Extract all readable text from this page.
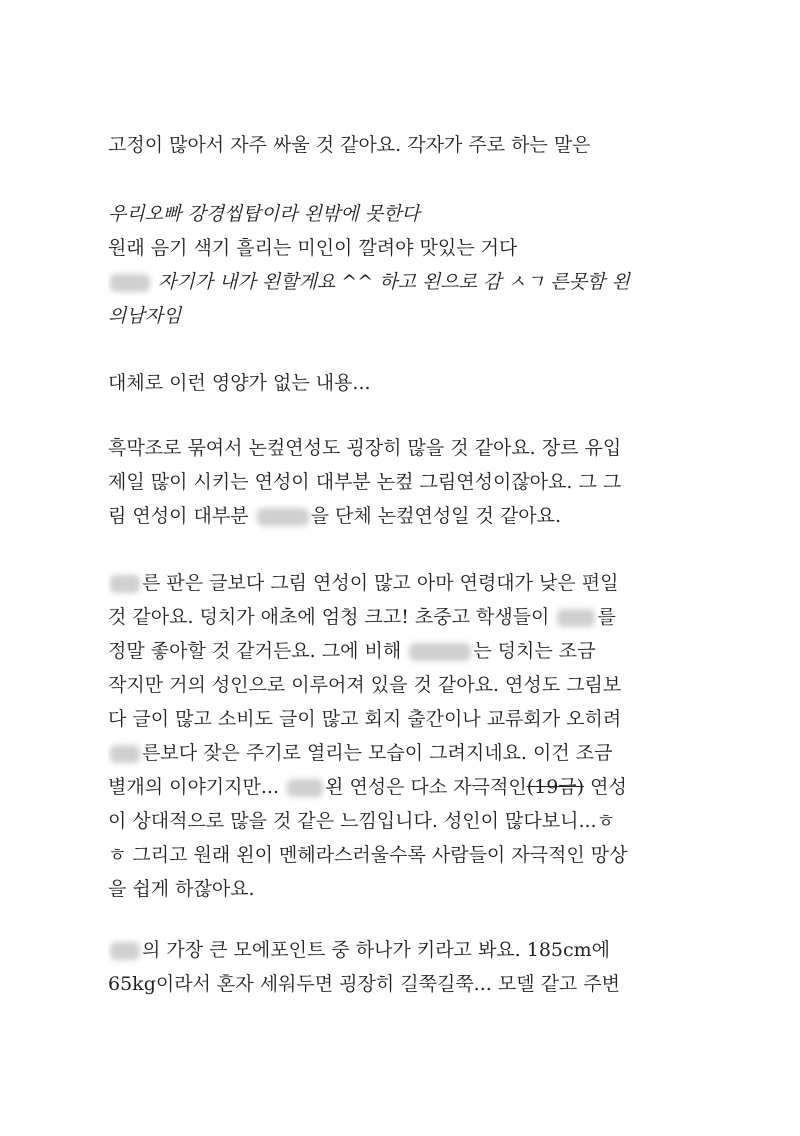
고정이 많아서 자주 싸울 것 같아요. 각자가 주로 하는 말은
우리오빠 강경씹탑이라 왼밖에 못한다
원래 음기 색기 흘리는 미인이 깔려야 맛있는 거다
자기가 내가 왼할게요 ^^ 하고 왼으로 감 ㅅㄱ 른못함 왼
의남자임
대체로 이런 영양가 없는 내용...
흑막조로 묶여서 논컾연성도 굉장히 많을 것 같아요. 장르 유입
제일 많이 시키는 연성이 대부분 논컾 그림연성이잖아요. 그 그
림 연성이 대부분	을 단체 논컾연성일 것 같아요.
른 판은 글보다 그림 연성이 많고 아마 연령대가 낮은 편일
것 같아요. 덩치가 애초에 엄청 크고! 초중고 학생들이	를
정말 좋아할 것 같거든요. 그에 비해	는 덩치는 조금
작지만 거의 성인으로 이루어져 있을 것 같아요. 연성도 그림보
다 글이 많고 소비도 글이 많고 회지 출간이나 교류회가 오히려
른보다 잦은 주기로 열리는 모습이 그려지네요. 이건 조금
별개의 이야기지만... 왼 연성은 다소 자극적인(19금) 연성
이 상대적으로 많을 것 같은 느낌입니다. 성인이 많다보니...ㅎ
ㅎ 그리고 원래 왼이 멘헤라스러울수록 사람들이 자극적인 망상
을 쉽게 하잖아요.
의 가장 큰 모에포인트 중 하나가 키라고 봐요. 185cm에
65kg이라서 혼자 세워두면 굉장히 길쭉길쭉... 모델 같고 주변
